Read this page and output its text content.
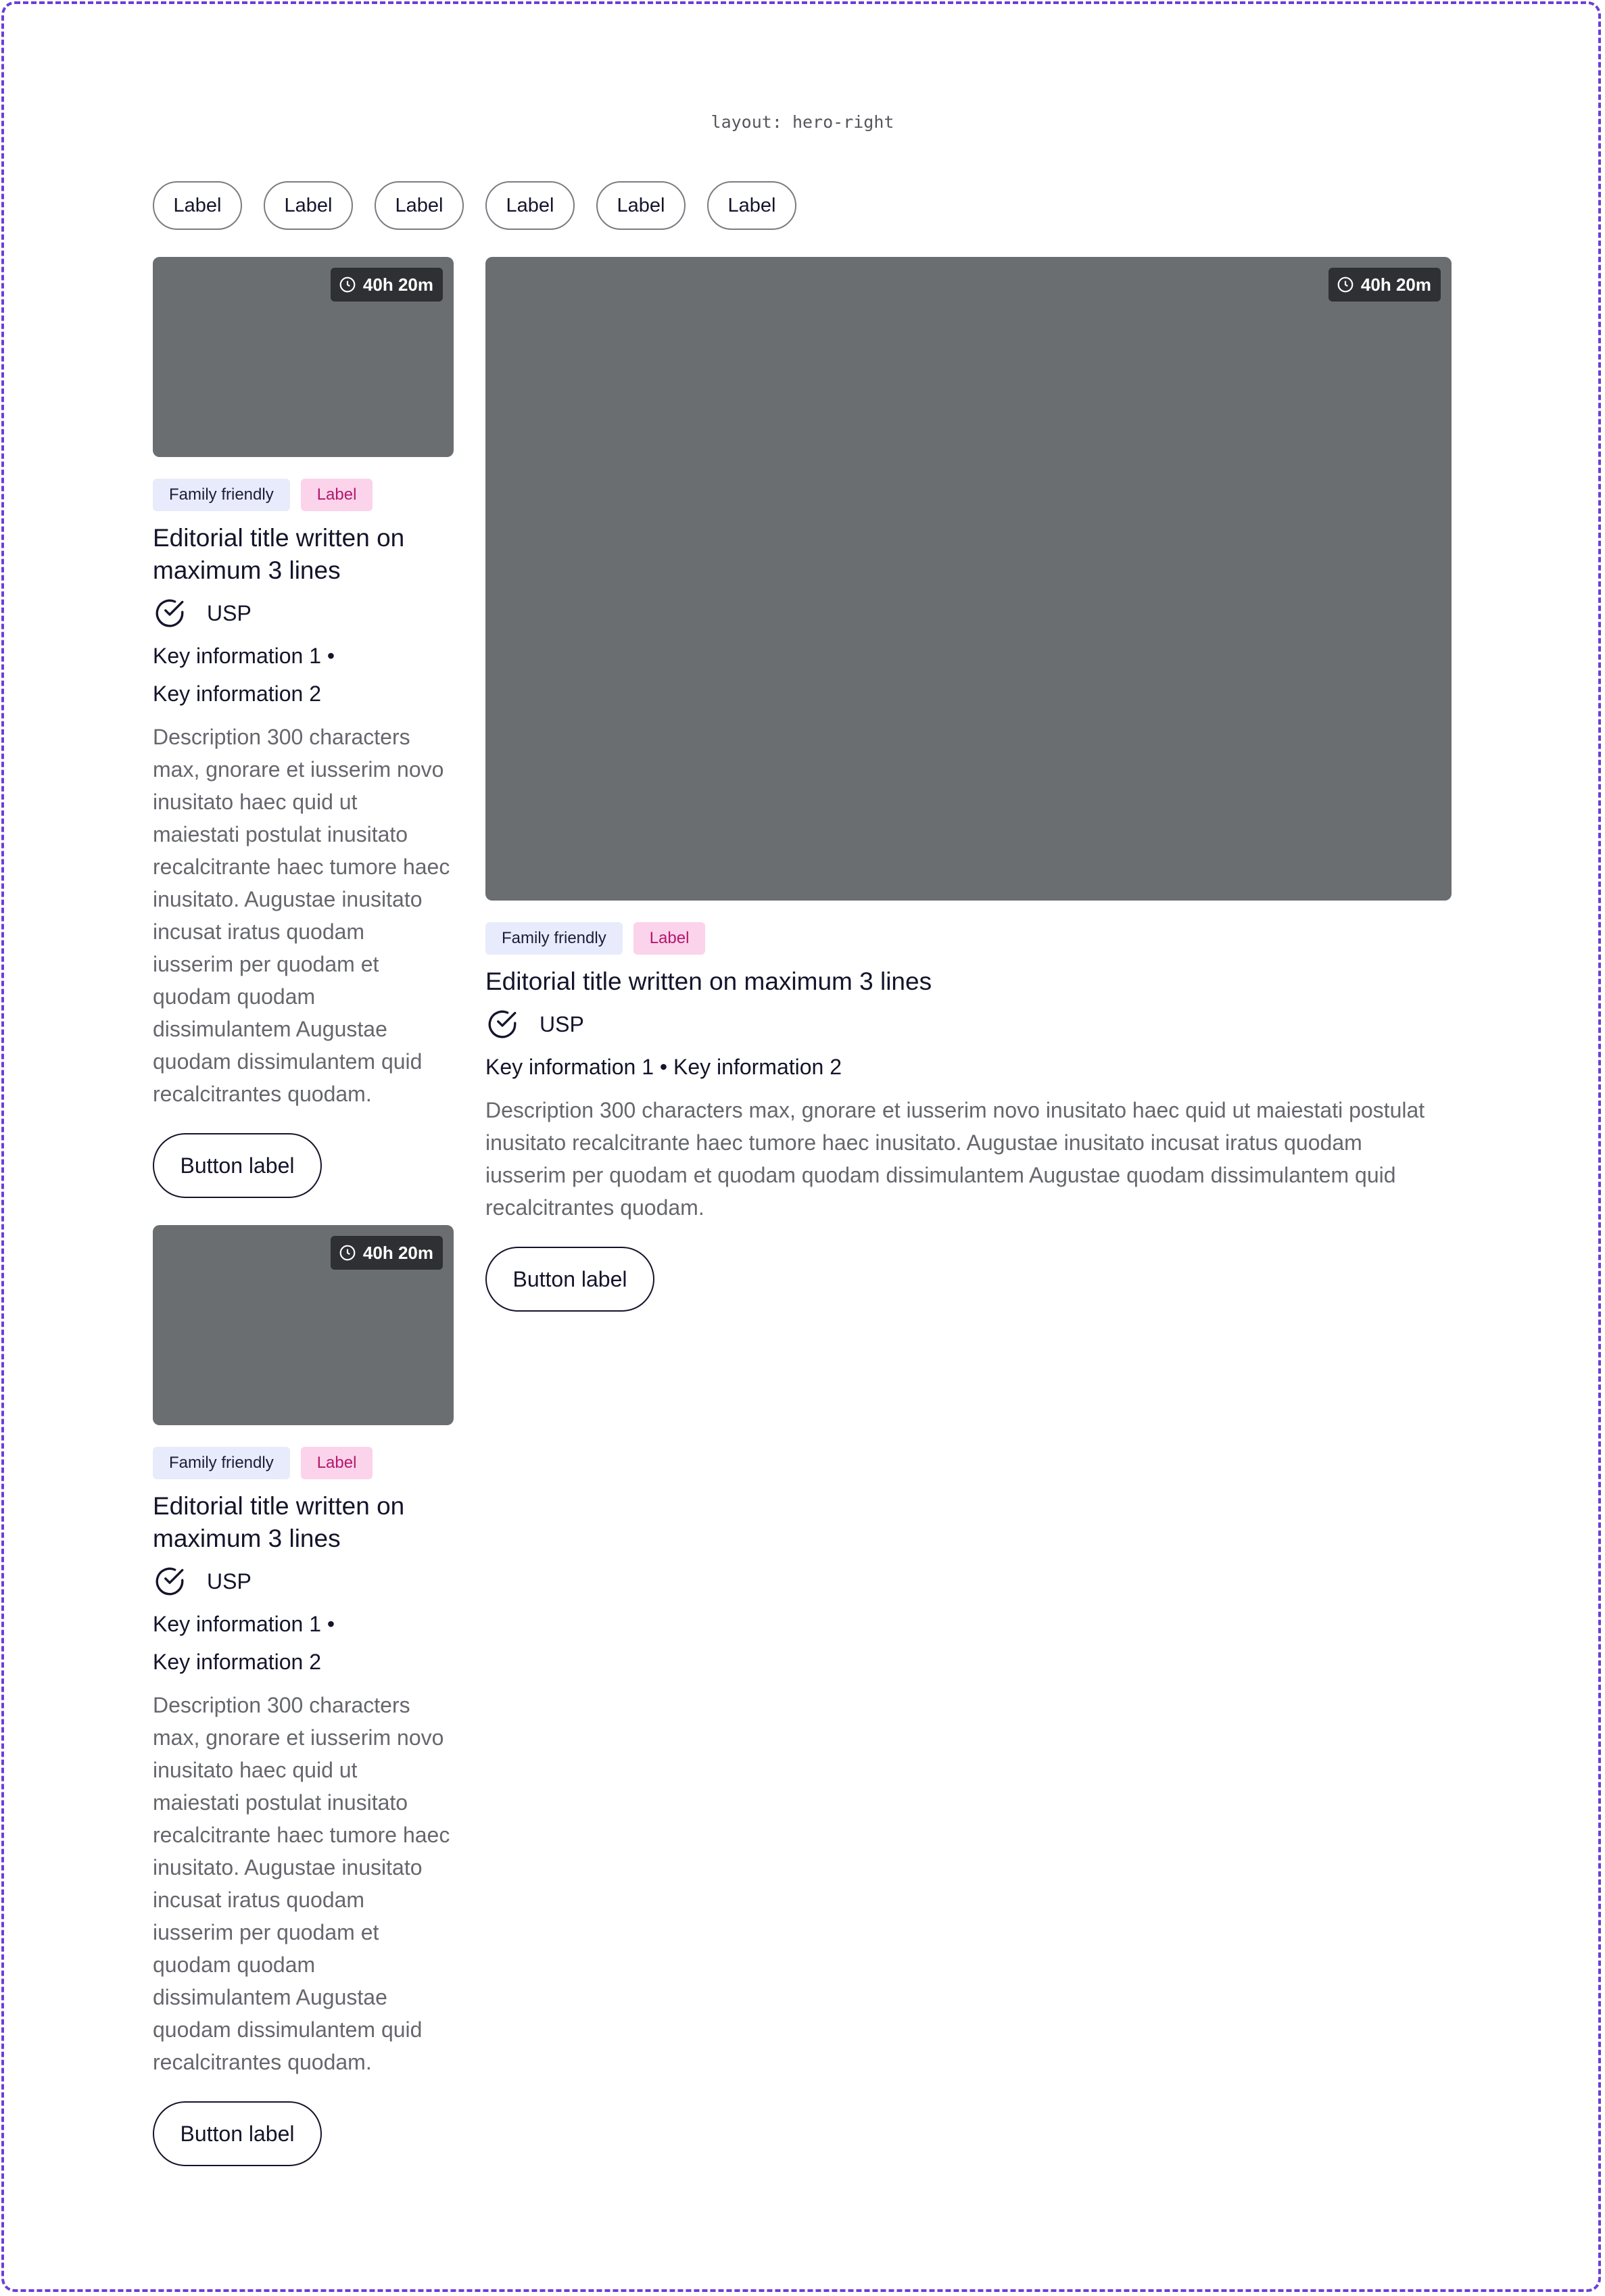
layout: hero-right
Label	Label	Label	Label	Label	Label
40h 20m
Family friendly	Label
Editorial title written on
maximum 3 lines
USP
Key information 1 •
Key information 2
Description 300 characters
max, gnorare et iusserim novo
inusitato haec quid ut
maiestati postulat inusitato
recalcitrante haec tumore haec
inusitato. Augustae inusitato
incusat iratus quodam
iusserim per quodam et
quodam quodam
dissimulantem Augustae
quodam dissimulantem quid
recalcitrantes quodam.
Button label
40h 20m
Family friendly	Label
Editorial title written on maximum 3 lines
USP
Key information 1 • Key information 2
Description 300 characters max, gnorare et iusserim novo inusitato haec quid ut maiestati postulat
inusitato recalcitrante haec tumore haec inusitato. Augustae inusitato incusat iratus quodam
iusserim per quodam et quodam quodam dissimulantem Augustae quodam dissimulantem quid
recalcitrantes quodam.
Button label
40h 20m
Family friendly	Label
Editorial title written on
maximum 3 lines
USP
Key information 1 •
Key information 2
Description 300 characters
max, gnorare et iusserim novo
inusitato haec quid ut
maiestati postulat inusitato
recalcitrante haec tumore haec
inusitato. Augustae inusitato
incusat iratus quodam
iusserim per quodam et
quodam quodam
dissimulantem Augustae
quodam dissimulantem quid
recalcitrantes quodam.
Button label
